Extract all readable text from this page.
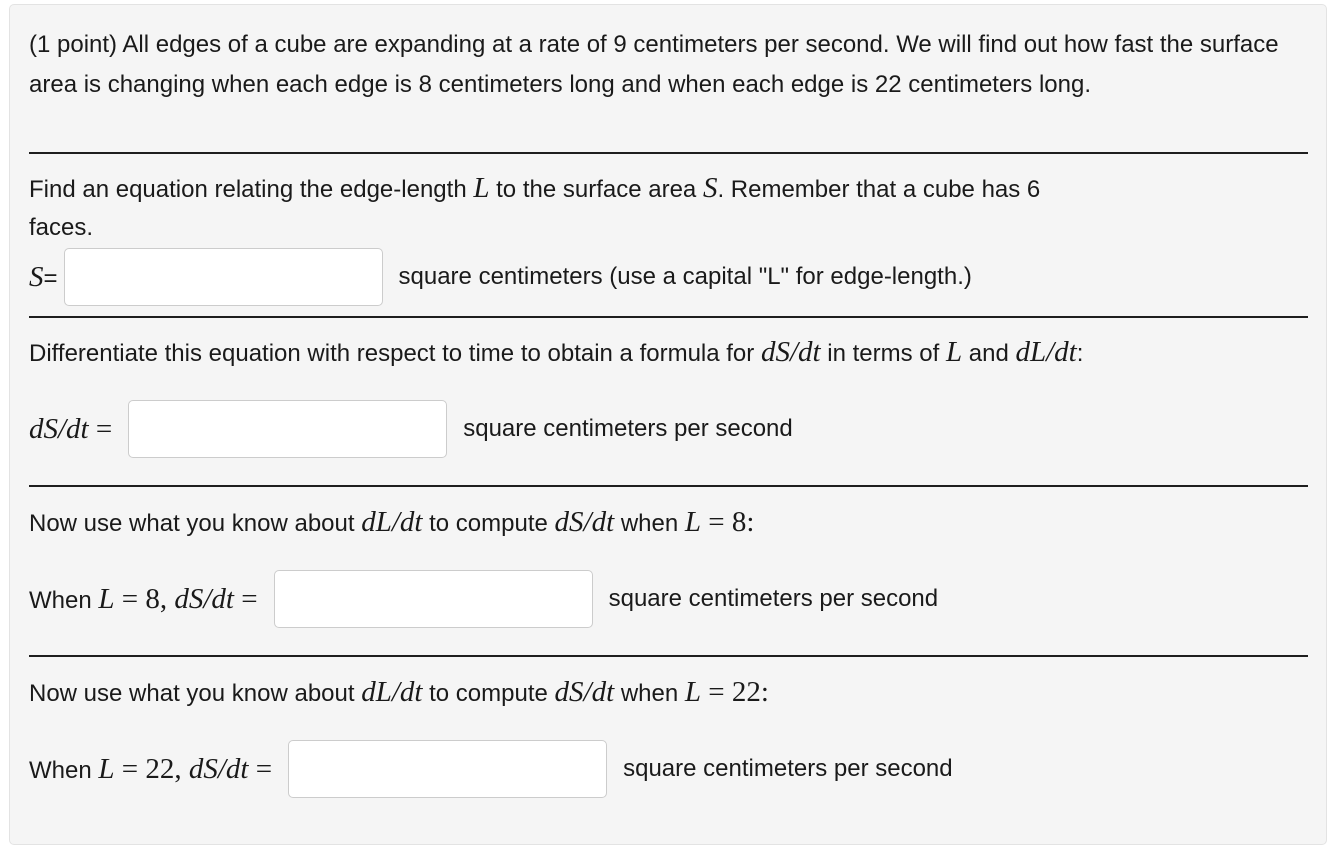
(1 point) All edges of a cube are expanding at a rate of 9 centimeters per second. We will find out how fast the surface area is changing when each edge is 8 centimeters long and when each edge is 22 centimeters long.
Find an equation relating the edge-length L to the surface area S. Remember that a cube has 6
faces.
S=	square centimeters (use a capital "L" for edge-length.)
Differentiate this equation with respect to time to obtain a formula for dS/dt in terms of L and dL/dt:
dS/dt =	square centimeters per second
Now use what you know about dL/dt to compute dS/dt when L = 8:
When L = 8, dS/dt =	square centimeters per second
Now use what you know about dL/dt to compute dS/dt when L = 22:
When L = 22, dS/dt =	square centimeters per second
